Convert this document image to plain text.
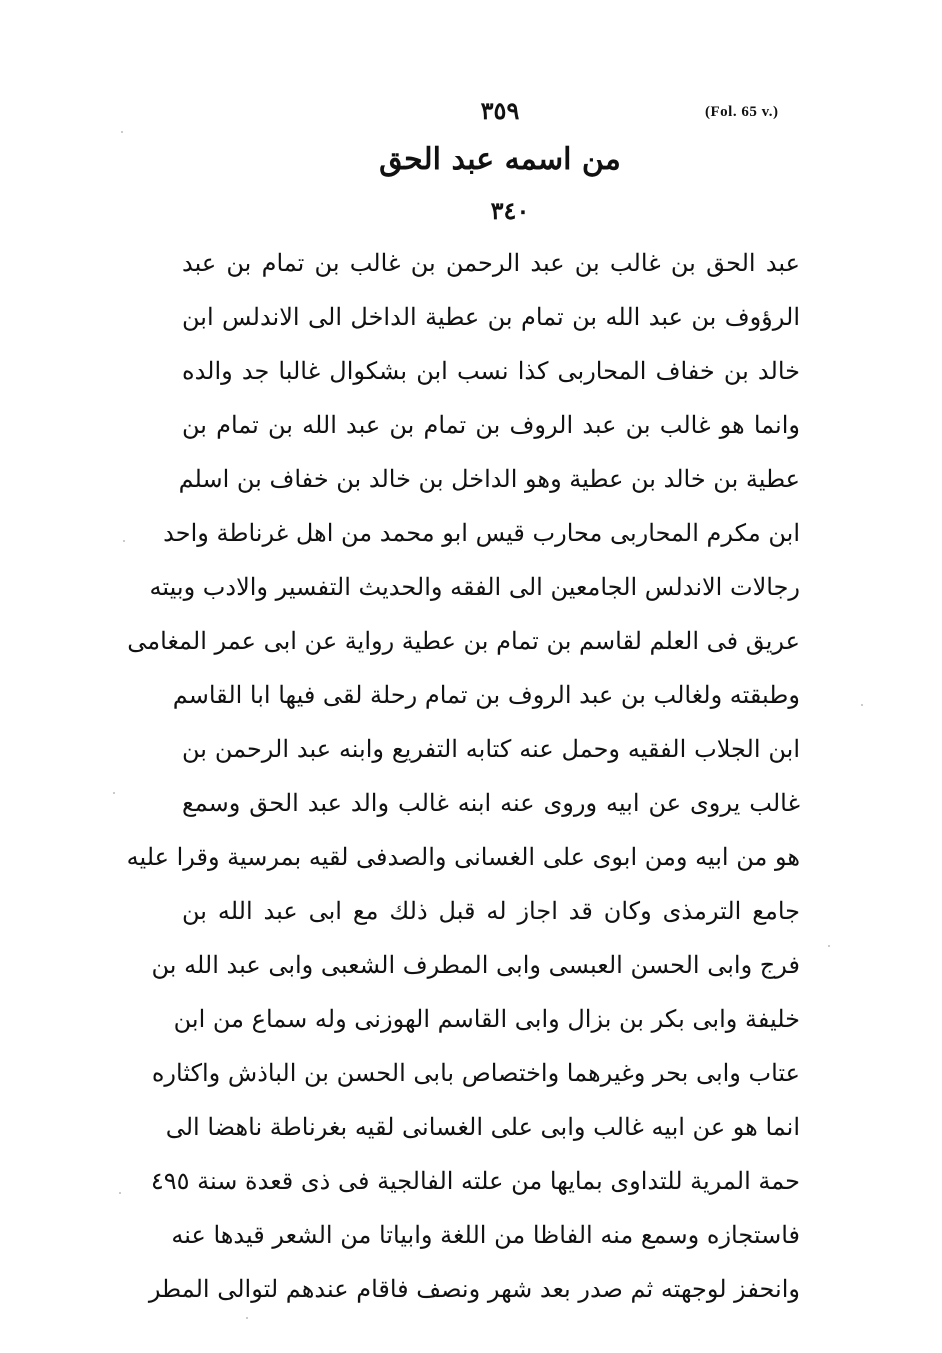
(Fol. 65 v.)
٣٥٩
من اسمه عبد الحق
٣٤٠
عبد الحق بن غالب بن عبد الرحمن بن غالب بن تمام بن عبد
الرؤوف بن عبد الله بن تمام بن عطية الداخل الى الاندلس ابن
خالد بن خفاف المحاربى كذا نسب ابن بشكوال غالبا جد والده
وانما هو غالب بن عبد الروف بن تمام بن عبد الله بن تمام بن
عطية بن خالد بن عطية وهو الداخل بن خالد بن خفاف بن اسلم
ابن مكرم المحاربى محارب قيس ابو محمد من اهل غرناطة واحد
رجالات الاندلس الجامعين الى الفقه والحديث التفسير والادب وبيته
عريق فى العلم لقاسم بن تمام بن عطية رواية عن ابى عمر المغامى
وطبقته ولغالب بن عبد الروف بن تمام رحلة لقى فيها ابا القاسم
ابن الجلاب الفقيه وحمل عنه كتابه التفريع وابنه عبد الرحمن بن
غالب يروى عن ابيه وروى عنه ابنه غالب والد عبد الحق وسمع
هو من ابيه ومن ابوى على الغسانى والصدفى لقيه بمرسية وقرا عليه
جامع الترمذى وكان قد اجاز له قبل ذلك مع ابى عبد الله بن
فرج وابى الحسن العبسى وابى المطرف الشعبى وابى عبد الله بن
خليفة وابى بكر بن بزال وابى القاسم الهوزنى وله سماع من ابن
عتاب وابى بحر وغيرهما واختصاص بابى الحسن بن الباذش واكثاره
انما هو عن ابيه غالب وابى على الغسانى لقيه بغرناطة ناهضا الى
حمة المرية للتداوى بمايها من علته الفالجية فى ذى قعدة سنة ٤٩٥
فاستجازه وسمع منه الفاظا من اللغة وابياتا من الشعر قيدها عنه
وانحفز لوجهته ثم صدر بعد شهر ونصف فاقام عندهم لتوالى المطر
